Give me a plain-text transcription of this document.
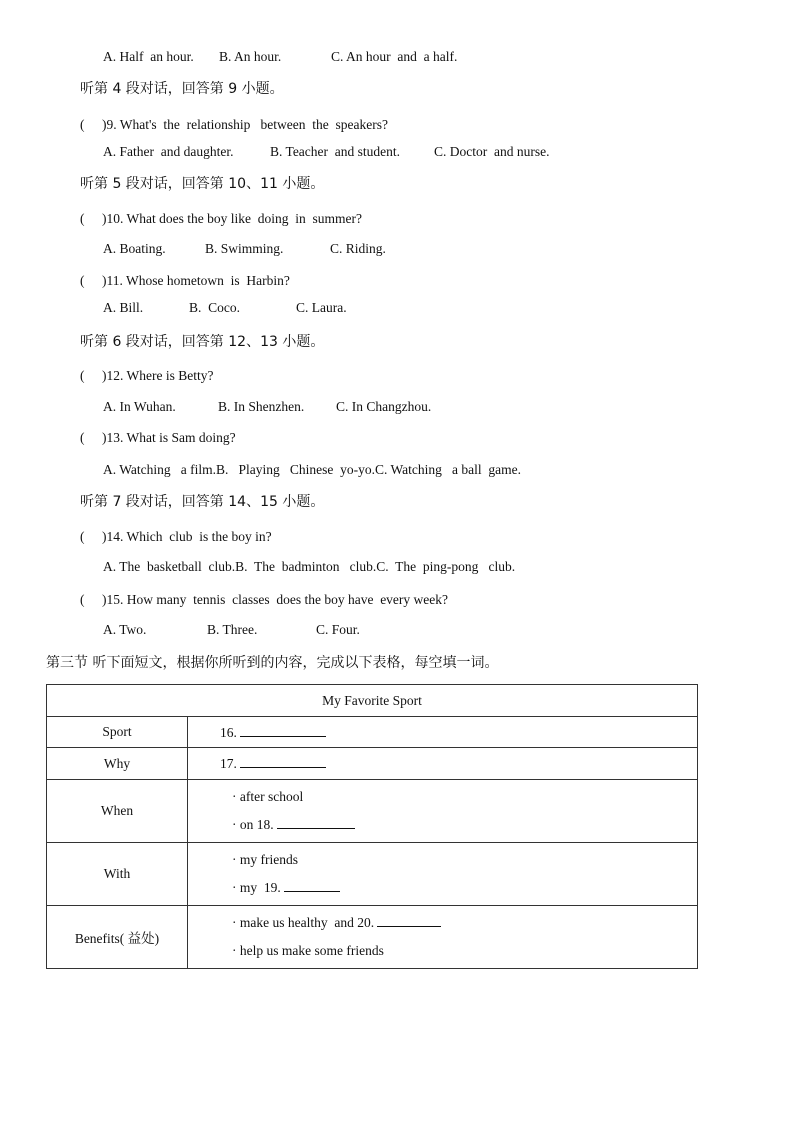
A. Half  an hour. B. An hour.	C. An hour  and  a half.
听第 4 段对话，回答第 9 小题。
( )9. What's  the  relationship   between  the  speakers?
A. Father  and daughter.	B. Teacher  and student.	C. Doctor  and nurse.
听第 5 段对话，回答第 10、11 小题。
( )10. What does the boy like  doing  in  summer?
A. Boating.	B. Swimming.	C. Riding.
( )11. Whose hometown  is  Harbin?
A. Bill.	B.  Coco.	C. Laura.
听第 6 段对话，回答第 12、13 小题。
( )12. Where is Betty?
A. In Wuhan.	B. In Shenzhen. C. In Changzhou.
( )13. What is Sam doing?
A. Watching   a film.B.   Playing   Chinese  yo-yo.C. Watching   a ball  game.
听第 7 段对话，回答第 14、15 小题。
( )14. Which  club  is the boy in?
A. The  basketball  club.B.  The  badminton   club.C.  The  ping-pong   club.
( )15. How many  tennis  classes  does the boy have  every week?
A. Two.	B. Three.	C. Four.
第三节 听下面短文，根据你所听到的内容，完成以下表格，每空填一词。
My Favorite Sport	
Sport	16.
Why	17.
When	· after school
· on 18.

With	· my friends
· my  19.

Benefits( 益处)	· make us healthy  and 20.
· help us make some friends
